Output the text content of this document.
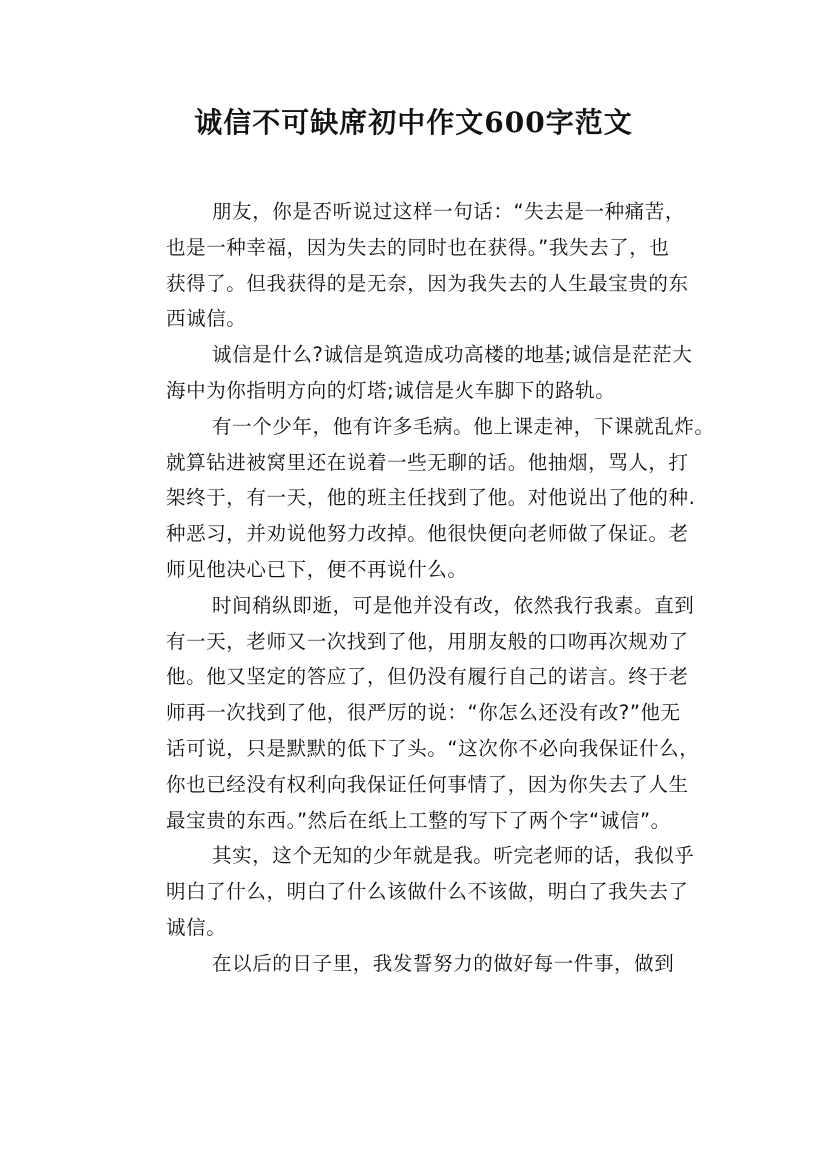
诚信不可缺席初中作文600字范文
朋友，你是否听说过这样一句话：“失去是一种痛苦，
也是一种幸福，因为失去的同时也在获得。”我失去了，也
获得了。但我获得的是无奈，因为我失去的人生最宝贵的东
西诚信。
诚信是什么?诚信是筑造成功高楼的地基;诚信是茫茫大
海中为你指明方向的灯塔;诚信是火车脚下的路轨。
有一个少年，他有许多毛病。他上课走神，下课就乱炸。
就算钻进被窝里还在说着一些无聊的话。他抽烟，骂人，打
架终于，有一天，他的班主任找到了他。对他说出了他的种.
种恶习，并劝说他努力改掉。他很快便向老师做了保证。老
师见他决心已下，便不再说什么。
时间稍纵即逝，可是他并没有改，依然我行我素。直到
有一天，老师又一次找到了他，用朋友般的口吻再次规劝了
他。他又坚定的答应了，但仍没有履行自己的诺言。终于老
师再一次找到了他，很严厉的说：“你怎么还没有改?”他无
话可说，只是默默的低下了头。“这次你不必向我保证什么，
你也已经没有权利向我保证任何事情了，因为你失去了人生
最宝贵的东西。”然后在纸上工整的写下了两个字“诚信”。
其实，这个无知的少年就是我。听完老师的话，我似乎
明白了什么，明白了什么该做什么不该做，明白了我失去了
诚信。
在以后的日子里，我发誓努力的做好每一件事，做到
